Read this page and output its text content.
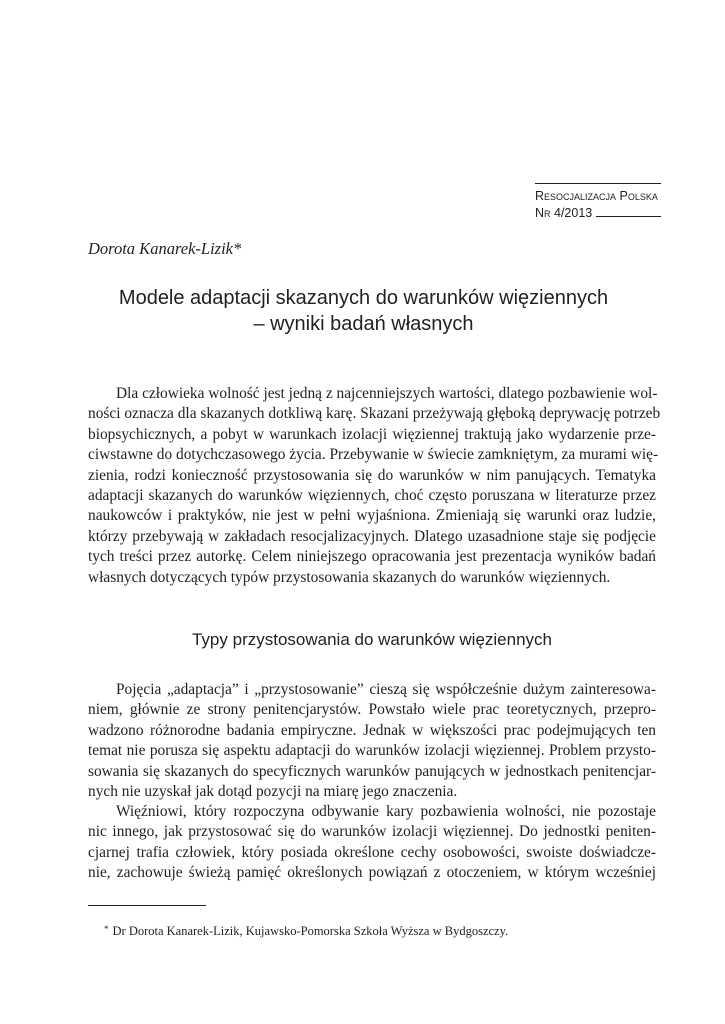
Resocjalizacja Polska
Nr 4/2013
Dorota Kanarek-Lizik*
Modele adaptacji skazanych do warunków więziennych
– wyniki badań własnych
Dla człowieka wolność jest jedną z najcenniejszych wartości, dlatego pozbawienie wol-
ności oznacza dla skazanych dotkliwą karę. Skazani przeżywają głęboką deprywację potrzeb
biopsychicznych, a pobyt w warunkach izolacji więziennej traktują jako wydarzenie prze-
ciwstawne do dotychczasowego życia. Przebywanie w świecie zamkniętym, za murami wię-
zienia, rodzi konieczność przystosowania się do warunków w nim panujących. Tematyka
adaptacji skazanych do warunków więziennych, choć często poruszana w literaturze przez
naukowców i praktyków, nie jest w pełni wyjaśniona. Zmieniają się warunki oraz ludzie,
którzy przebywają w zakładach resocjalizacyjnych. Dlatego uzasadnione staje się podjęcie
tych treści przez autorkę. Celem niniejszego opracowania jest prezentacja wyników badań
własnych dotyczących typów przystosowania skazanych do warunków więziennych.
Typy przystosowania do warunków więziennych
Pojęcia „adaptacja” i „przystosowanie” cieszą się współcześnie dużym zainteresowa-
niem, głównie ze strony penitencjarystów. Powstało wiele prac teoretycznych, przepro-
wadzono różnorodne badania empiryczne. Jednak w większości prac podejmujących ten
temat nie porusza się aspektu adaptacji do warunków izolacji więziennej. Problem przysto-
sowania się skazanych do specyficznych warunków panujących w jednostkach penitencjar-
nych nie uzyskał jak dotąd pozycji na miarę jego znaczenia.
Więźniowi, który rozpoczyna odbywanie kary pozbawienia wolności, nie pozostaje
nic innego, jak przystosować się do warunków izolacji więziennej. Do jednostki peniten-
cjarnej trafia człowiek, który posiada określone cechy osobowości, swoiste doświadcze-
nie, zachowuje świeżą pamięć określonych powiązań z otoczeniem, w którym wcześniej
* Dr Dorota Kanarek-Lizik, Kujawsko-Pomorska Szkoła Wyższa w Bydgoszczy.
